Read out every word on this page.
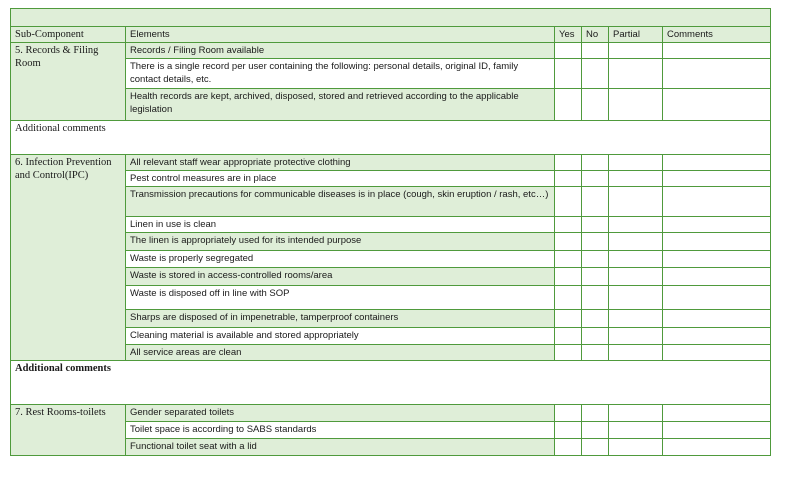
Sub-Component	Elements	Yes	No	Partial	Comments
5. Records & Filing Room	Records / Filing Room available				
	There is a single record per user containing the following: personal details, original ID, family contact details, etc.				
	Health records are kept, archived, disposed, stored and retrieved according to the applicable legislation				
Additional comments					
6. Infection Prevention and Control(IPC)	All relevant staff wear appropriate protective clothing				
	Pest control measures are in place				
	Transmission precautions for communicable diseases is in place (cough, skin eruption / rash, etc…)				
	Linen in use is clean				
	The linen is appropriately used for its intended purpose				
	Waste is properly segregated				
	Waste is stored in access-controlled rooms/area				
	Waste is disposed off in line with SOP				
	Sharps are disposed of in impenetrable, tamperproof containers				
	Cleaning material is available and stored appropriately				
	All service areas are clean				
Additional comments					
7. Rest Rooms-toilets	Gender separated toilets				
	Toilet space is according to SABS standards				
	Functional toilet seat with a lid				
